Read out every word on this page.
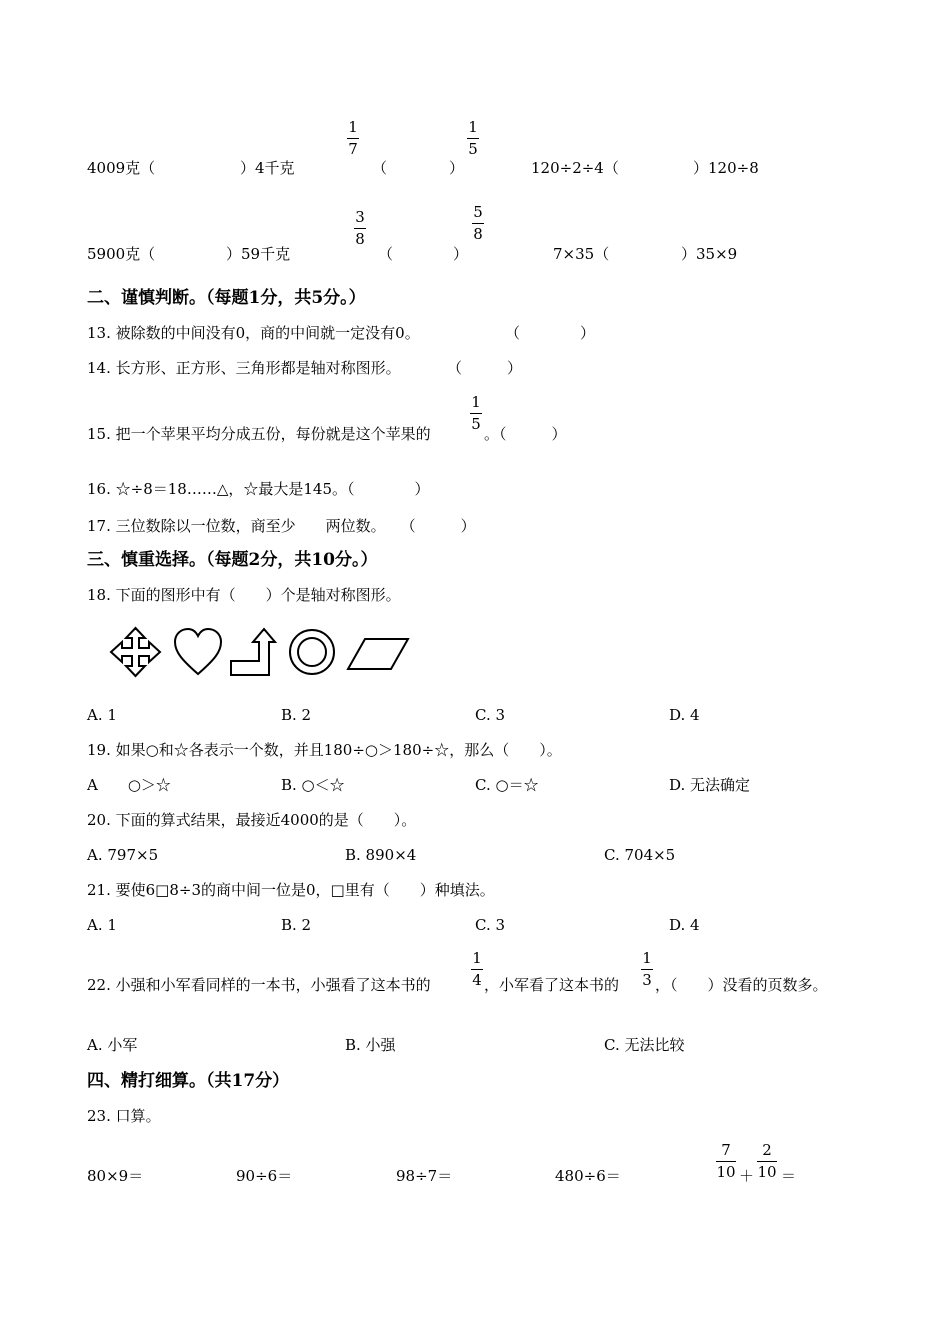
4009克（	）4千克
1
7
（	）
1
5
120÷2÷4（	）120÷8
5900克（	）59千克
3
8
（	）
5
8
7×35（	）35×9
二、谨慎判断。（每题1分，共5分。）
13. 被除数的中间没有0，商的中间就一定没有0。	（　　　　）
14. 长方形、正方形、三角形都是轴对称图形。	（　　　）
15. 把一个苹果平均分成五份，每份就是这个苹果的
1
5
。（　　　）
16. ☆÷8＝18……△，☆最大是145。（　　　　）
17. 三位数除以一位数，商至少　　两位数。　　（　　　）
三、慎重选择。（每题2分，共10分。）
18. 下面的图形中有（　　）个是轴对称图形。
A. 1	B. 2	C. 3	D. 4
19. 如果○和☆各表示一个数，并且180÷○＞180÷☆，那么（　　）。
A　　○＞☆	B. ○＜☆	C. ○＝☆	D. 无法确定
20. 下面的算式结果，最接近4000的是（　　）。
A. 797×5	B. 890×4	C. 704×5
21. 要使6□8÷3的商中间一位是0，□里有（　　）种填法。
A. 1	B. 2	C. 3	D. 4
22. 小强和小军看同样的一本书，小强看了这本书的
1
4 ，小军看了这本书的
1
3 ，（　　）没看的页数多。
A. 小军	B. 小强	C. 无法比较
四、精打细算。（共17分）
23. 口算。
80×9＝	90÷6＝	98÷7＝	480÷6＝
7
10 ＋
2
10 ＝
